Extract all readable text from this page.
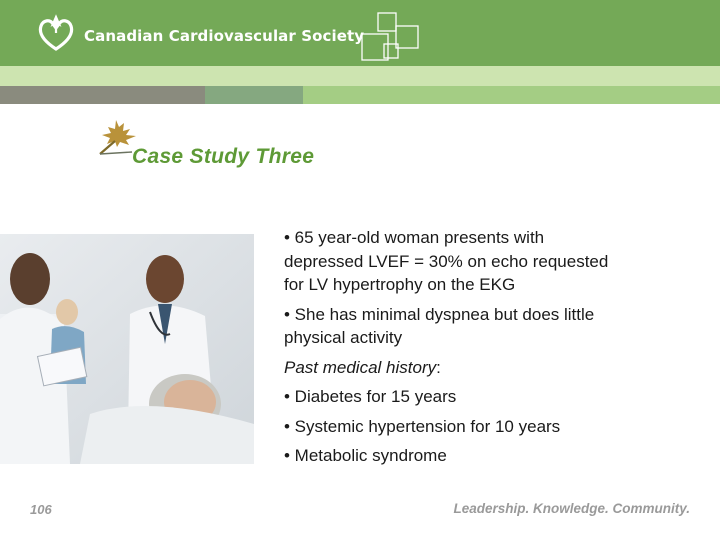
Canadian Cardiovascular Society
Case Study Three

• 65 year-old woman presents with

depressed LVEF = 30% on echo requested

for LV hypertrophy on the EKG

• She has minimal dyspnea but does little

physical activity

Past medical history:

• Diabetes for 15 years

• Systemic hypertension for 10 years

• Metabolic syndrome

106	Leadership. Knowledge. Community.
